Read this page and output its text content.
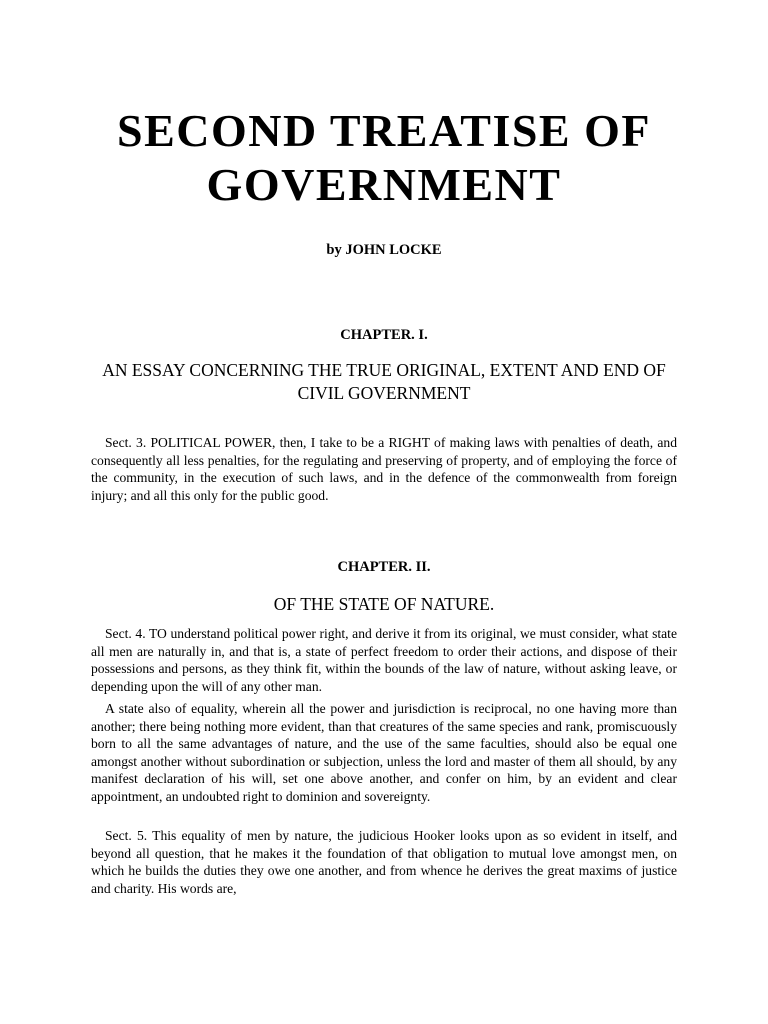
SECOND TREATISE OF GOVERNMENT
by JOHN LOCKE
CHAPTER. I.
AN ESSAY CONCERNING THE TRUE ORIGINAL, EXTENT AND END OF CIVIL GOVERNMENT

Sect. 3. POLITICAL POWER, then, I take to be a RIGHT of making laws with penalties of death, and consequently all less penalties, for the regulating and preserving of property, and of employing the force of the community, in the execution of such laws, and in the defence of the commonwealth from foreign injury; and all this only for the public good.

CHAPTER. II.
OF THE STATE OF NATURE.

Sect. 4. TO understand political power right, and derive it from its original, we must consider, what state all men are naturally in, and that is, a state of perfect freedom to order their actions, and dispose of their possessions and persons, as they think fit, within the bounds of the law of nature, without asking leave, or depending upon the will of any other man.

A state also of equality, wherein all the power and jurisdiction is reciprocal, no one having more than another; there being nothing more evident, than that creatures of the same species and rank, promiscuously born to all the same advantages of nature, and the use of the same faculties, should also be equal one amongst another without subordination or subjection, unless the lord and master of them all should, by any manifest declaration of his will, set one above another, and confer on him, by an evident and clear appointment, an undoubted right to dominion and sovereignty.

Sect. 5. This equality of men by nature, the judicious Hooker looks upon as so evident in itself, and beyond all question, that he makes it the foundation of that obligation to mutual love amongst men, on which he builds the duties they owe one another, and from whence he derives the great maxims of justice and charity. His words are,
